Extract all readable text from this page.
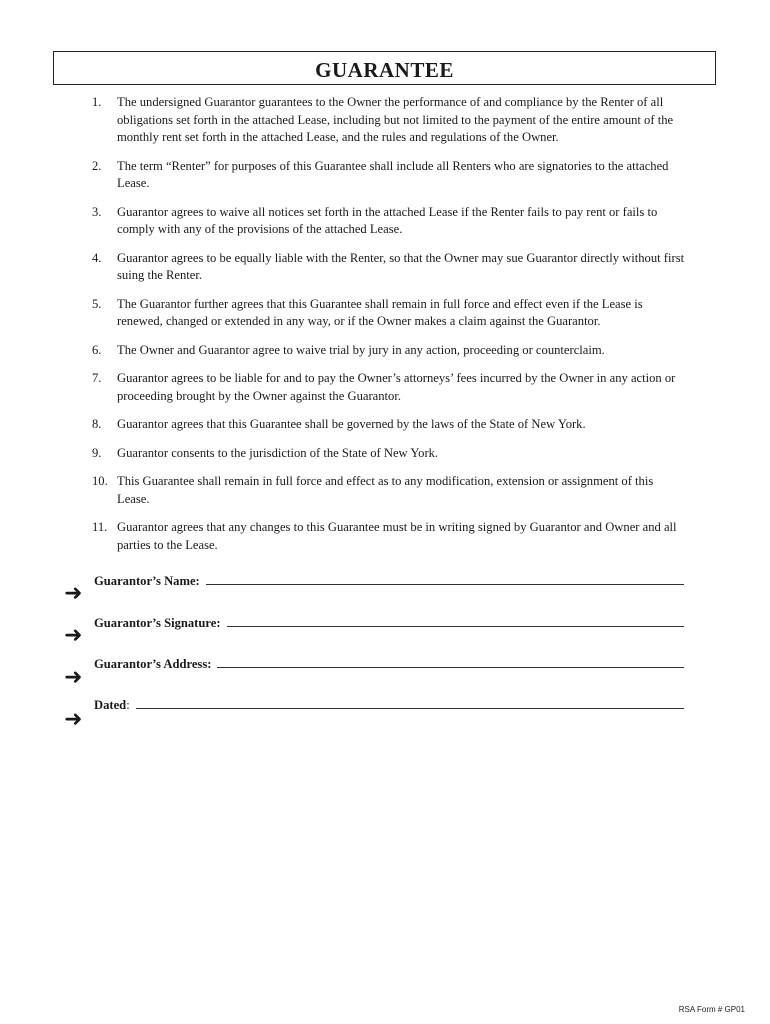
GUARANTEE
1.	The undersigned Guarantor guarantees to the Owner the performance of and compliance by the Renter of all obligations set forth in the attached Lease, including but not limited to the payment of the entire amount of the monthly rent set forth in the attached Lease, and the rules and regulations of the Owner.
2.	The term “Renter” for purposes of this Guarantee shall include all Renters who are signatories to the attached Lease.
3.	Guarantor agrees to waive all notices set forth in the attached Lease if the Renter fails to pay rent or fails to comply with any of the provisions of the attached Lease.
4.	Guarantor agrees to be equally liable with the Renter, so that the Owner may sue Guarantor directly without first suing the Renter.
5.	The Guarantor further agrees that this Guarantee shall remain in full force and effect even if the Lease is renewed, changed or extended in any way, or if the Owner makes a claim against the Guarantor.
6.	The Owner and Guarantor agree to waive trial by jury in any action, proceeding or counterclaim.
7.	Guarantor agrees to be liable for and to pay the Owner’s attorneys’ fees incurred by the Owner in any action or proceeding brought by the Owner against the Guarantor.
8.	Guarantor agrees that this Guarantee shall be governed by the laws of the State of New York.
9.	Guarantor consents to the jurisdiction of the State of New York.
10. This Guarantee shall remain in full force and effect as to any modification, extension or assignment of this Lease.
11. Guarantor agrees that any changes to this Guarantee must be in writing signed by Guarantor and Owner and all parties to the Lease.
Guarantor’s Name:
➜
Guarantor’s Signature:
➜
Guarantor’s Address:
➜
Dated :
➜
RSA Form # GP01
